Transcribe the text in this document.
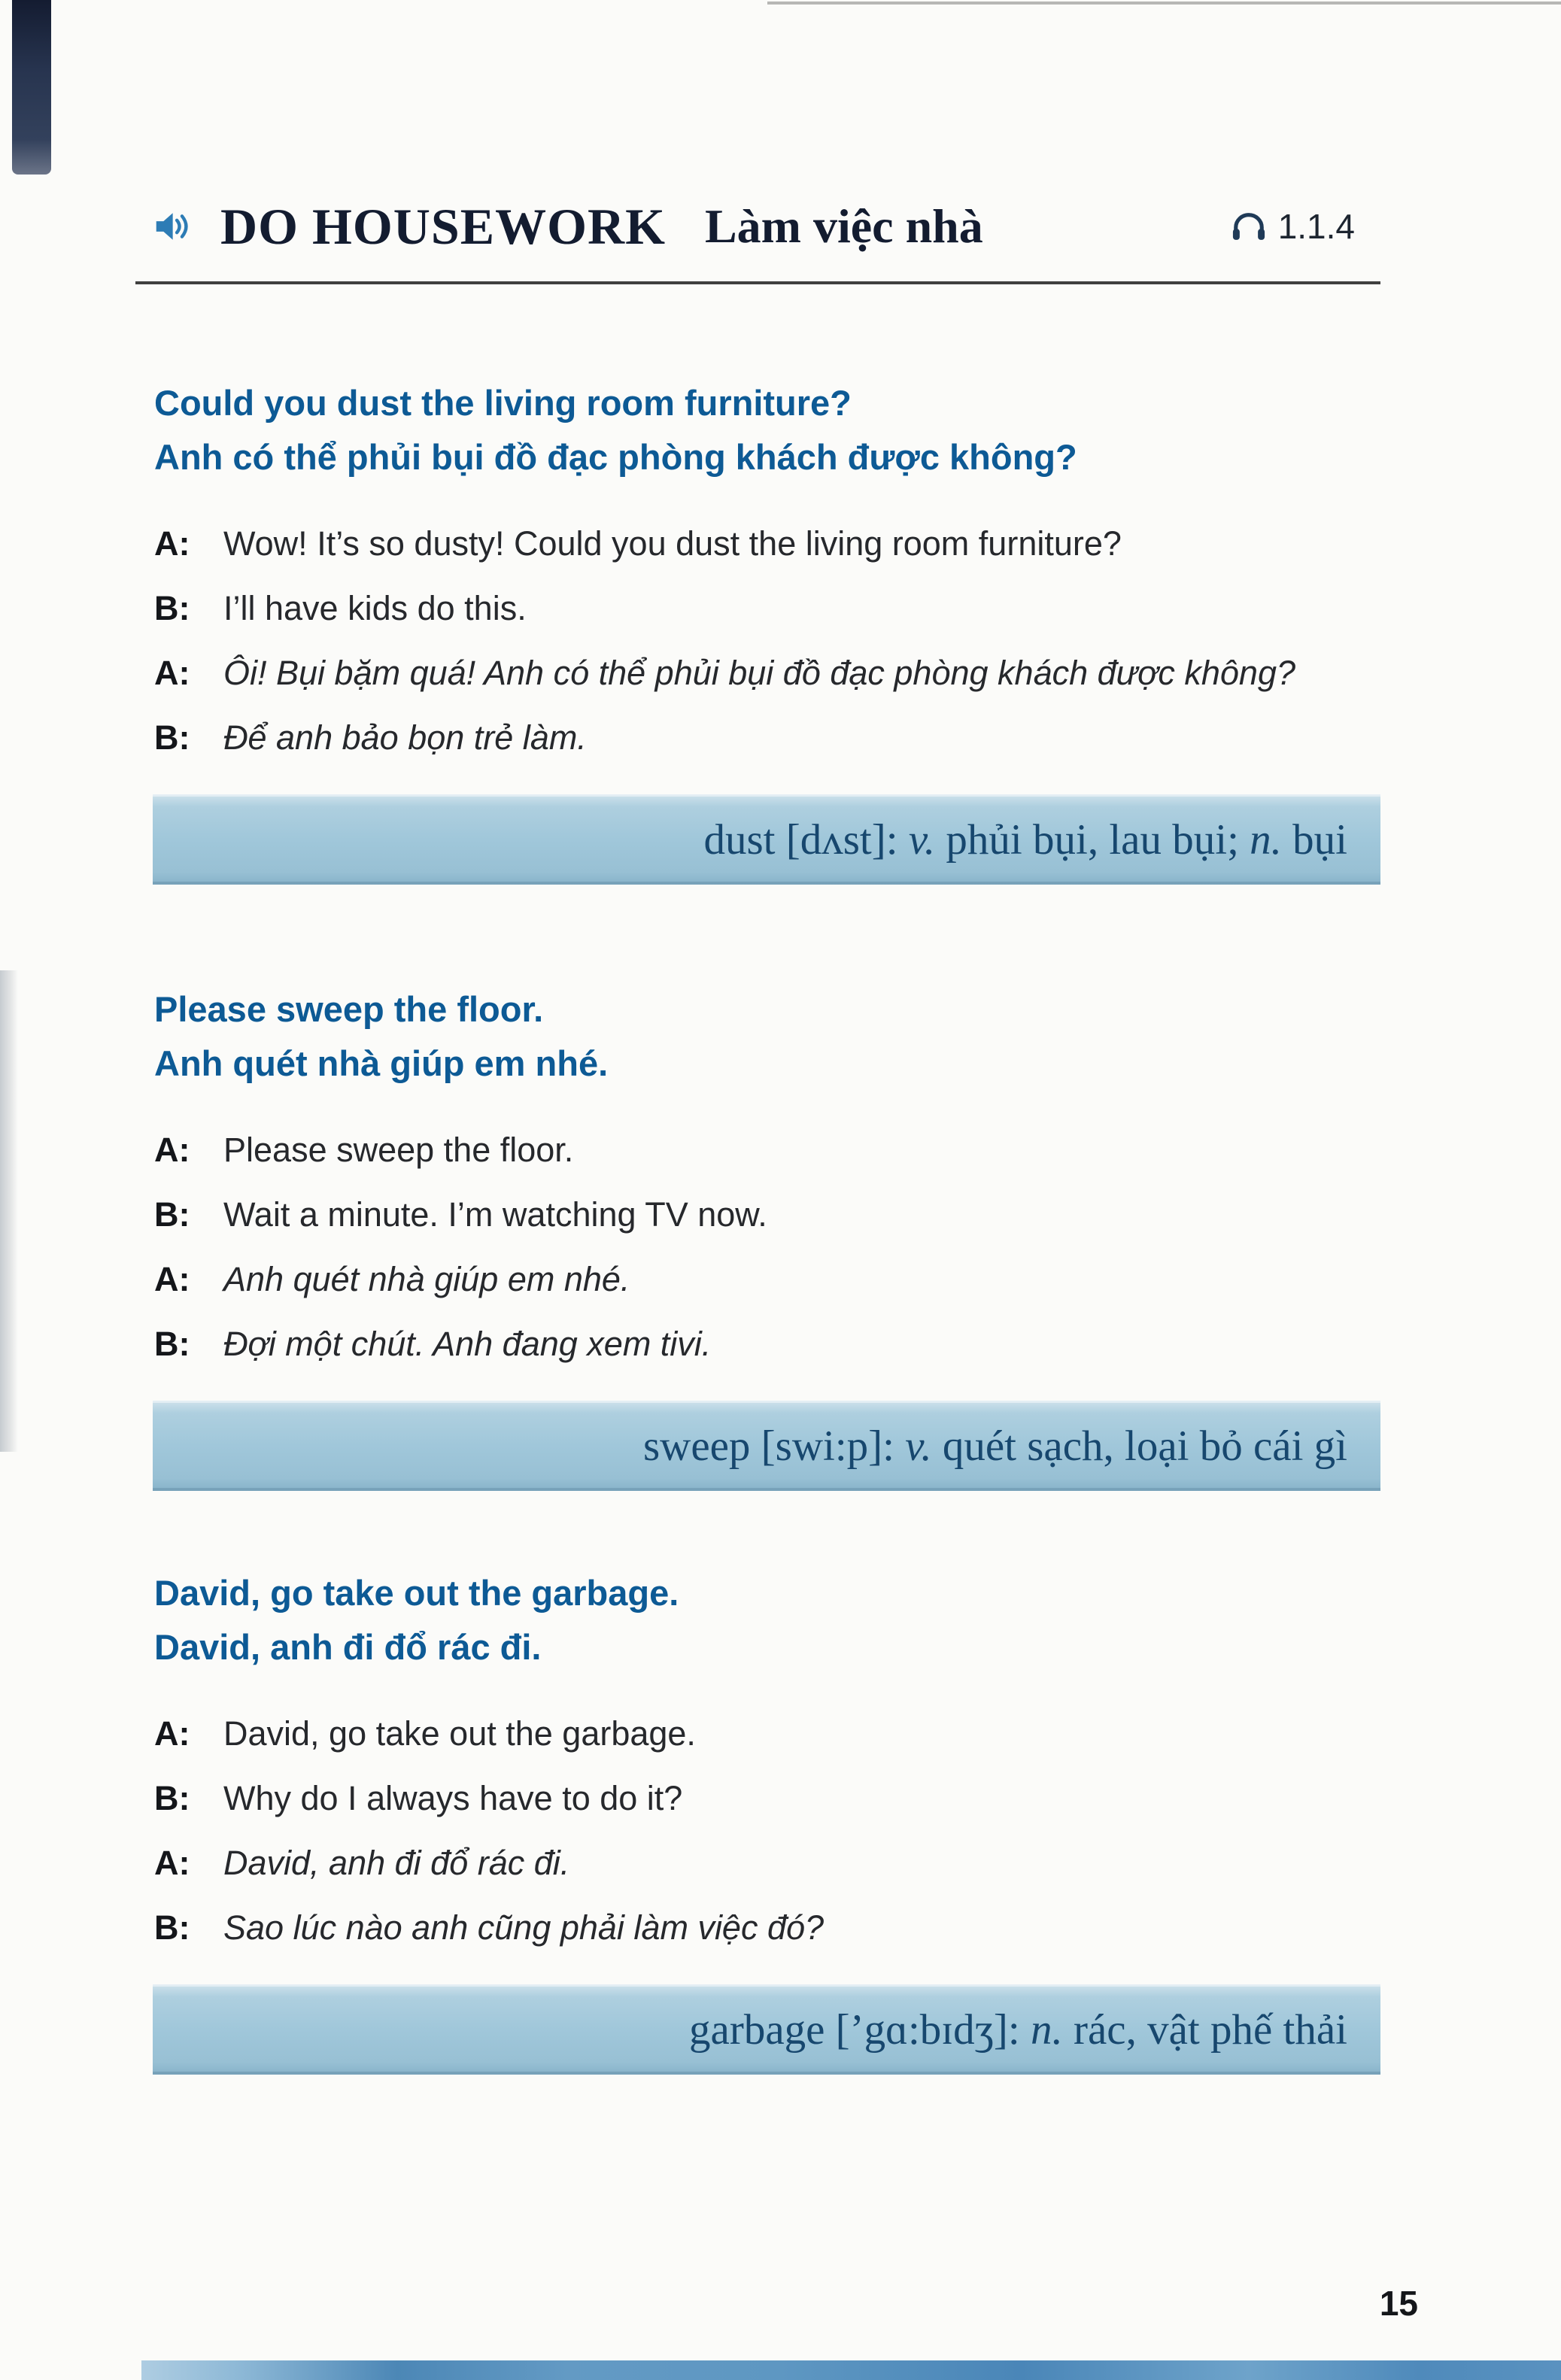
DO HOUSEWORK Làm việc nhà	1.1.4
Could you dust the living room furniture?
Anh có thể phủi bụi đồ đạc phòng khách được không?
A: Wow! It’s so dusty! Could you dust the living room furniture?
B: I’ll have kids do this.
A: Ôi! Bụi bặm quá! Anh có thể phủi bụi đồ đạc phòng khách được không?
B: Để anh bảo bọn trẻ làm.
dust [dʌst]: v. phủi bụi, lau bụi; n. bụi
Please sweep the floor.
Anh quét nhà giúp em nhé.
A: Please sweep the floor.
B: Wait a minute. I’m watching TV now.
A: Anh quét nhà giúp em nhé.
B: Đợi một chút. Anh đang xem tivi.
sweep [swi:p]: v. quét sạch, loại bỏ cái gì
David, go take out the garbage.
David, anh đi đổ rác đi.
A: David, go take out the garbage.
B: Why do I always have to do it?
A: David, anh đi đổ rác đi.
B: Sao lúc nào anh cũng phải làm việc đó?
garbage [’gɑ:bɪdʒ]: n. rác, vật phế thải
15
